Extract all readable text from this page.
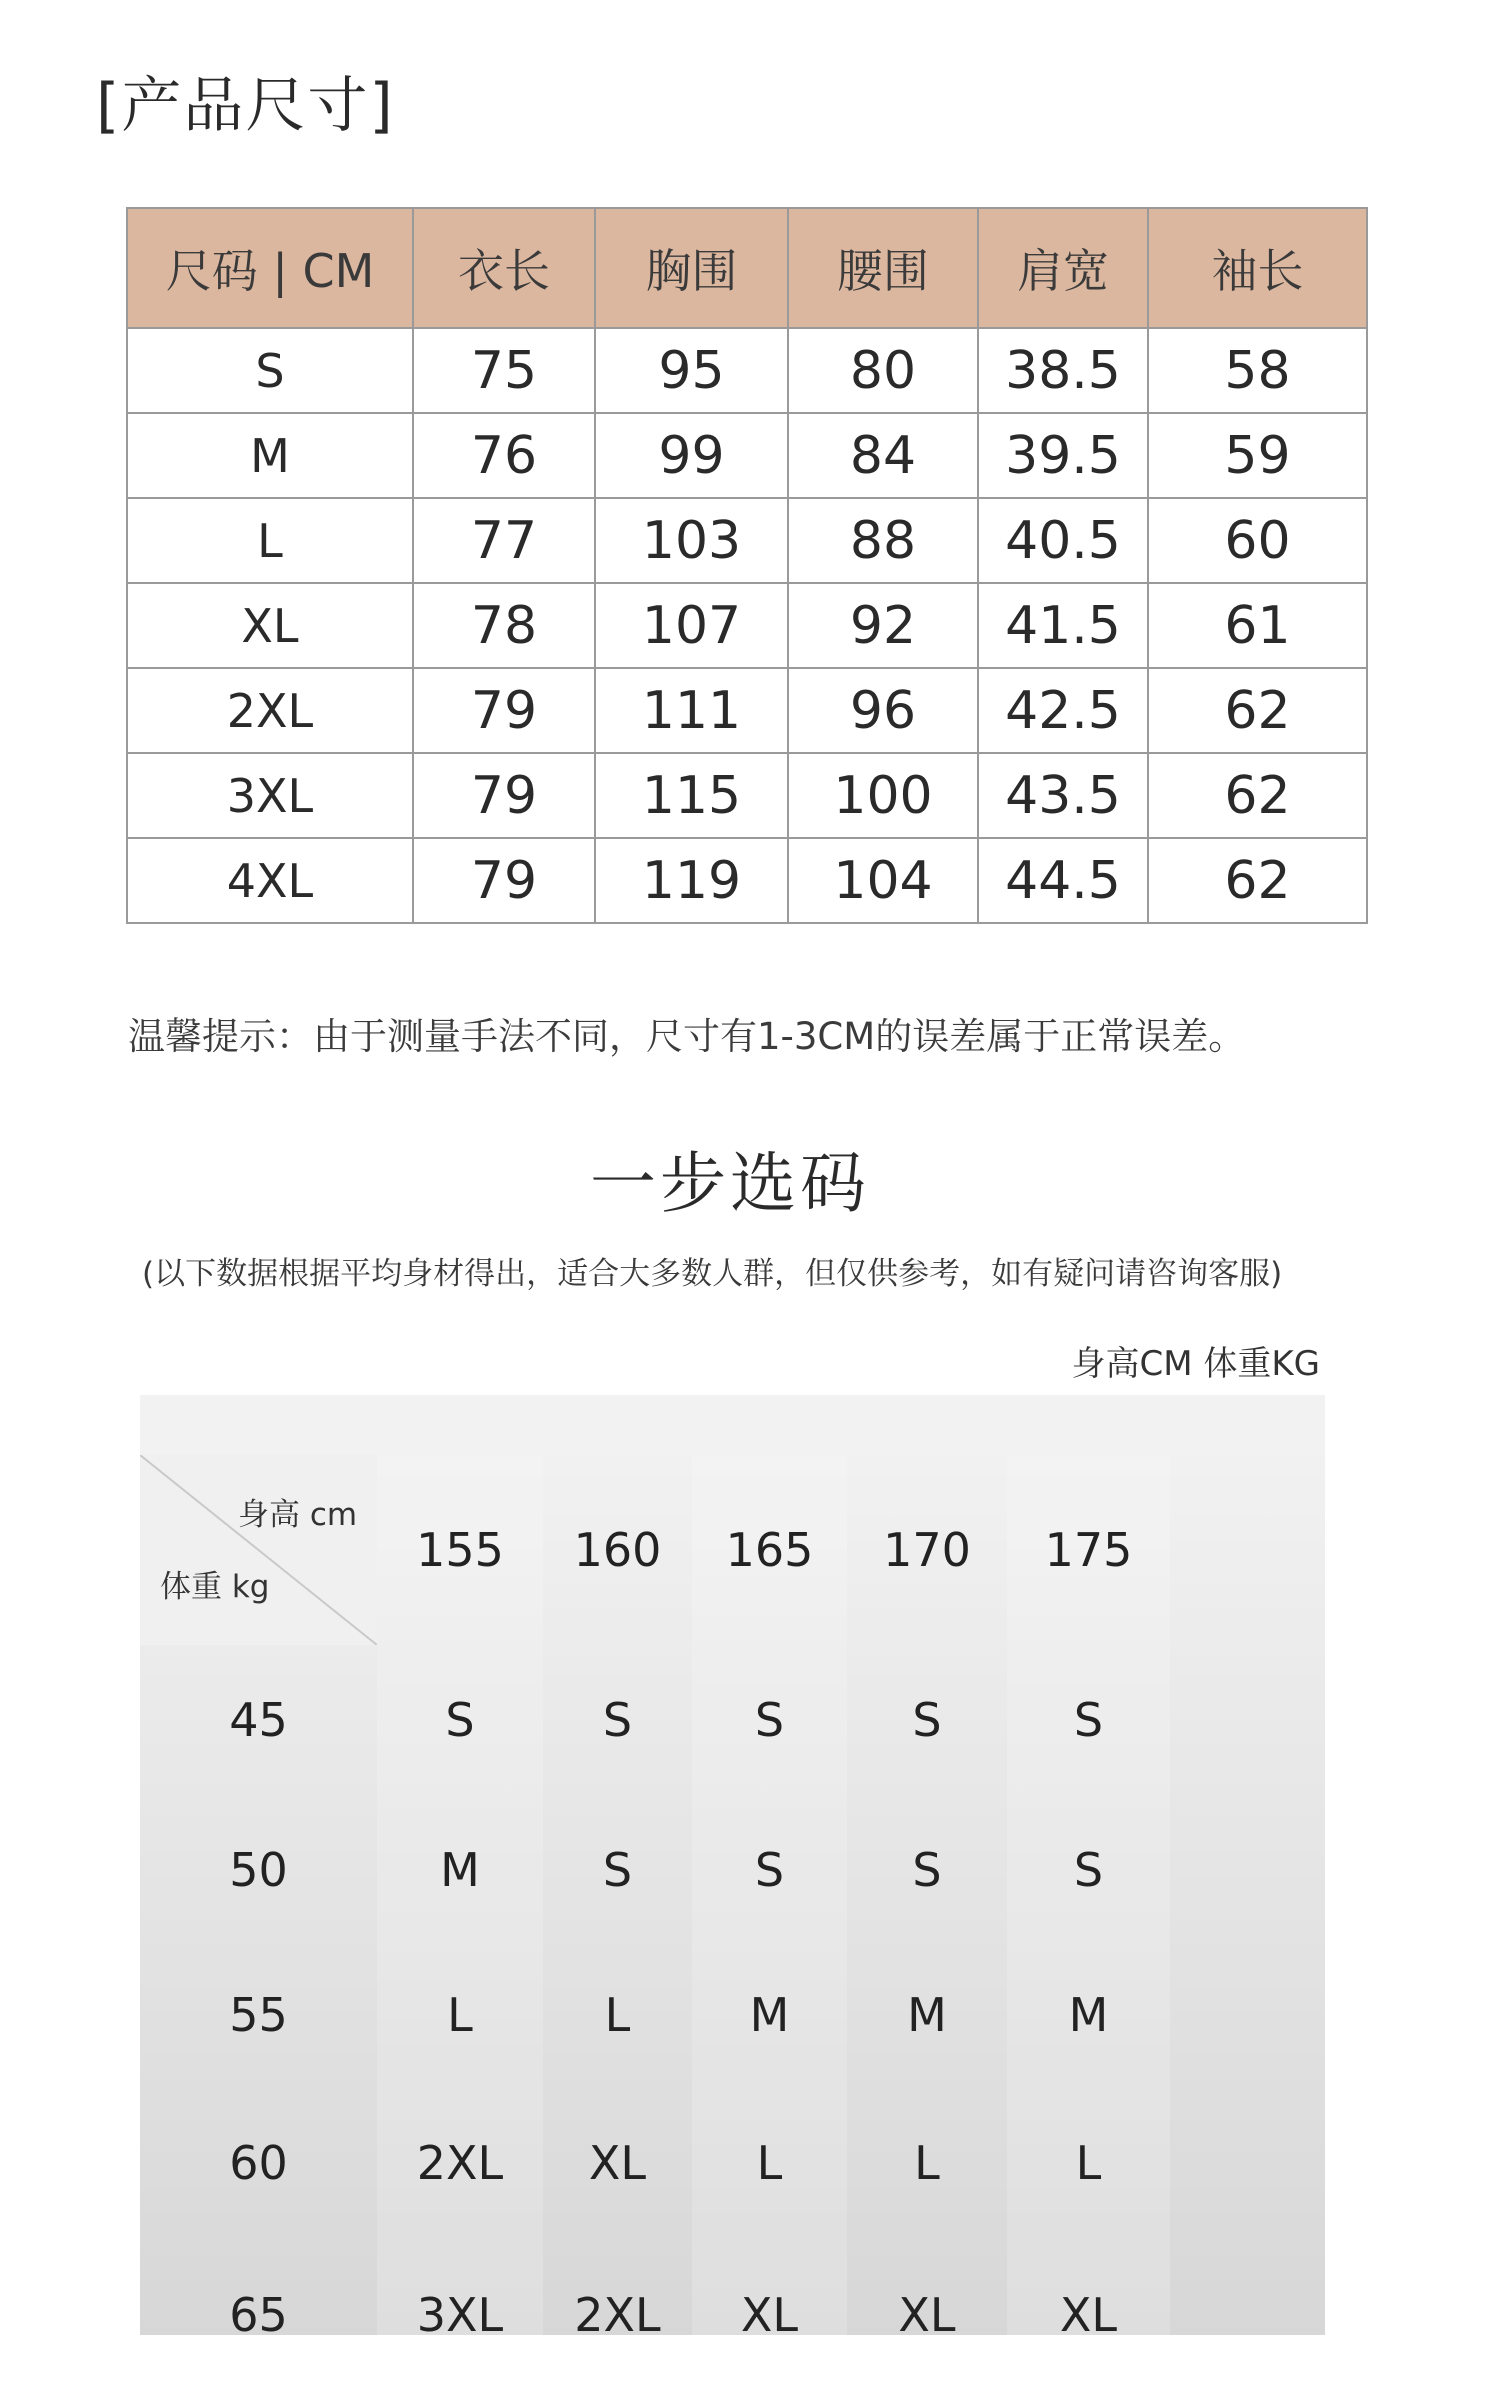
[产品尺寸]
尺码 | CM	衣长	胸围	腰围	肩宽	袖长
S	75	95	80	38.5	58
M	76	99	84	39.5	59
L	77	103	88	40.5	60
XL	78	107	92	41.5	61
2XL	79	111	96	42.5	62
3XL	79	115	100	43.5	62
4XL	79	119	104	44.5	62
温馨提示：由于测量手法不同，尺寸有1-3CM的误差属于正常误差。
一步选码
(以下数据根据平均身材得出，适合大多数人群，但仅供参考，如有疑问请咨询客服)
身高CM 体重KG
身高 cm
体重 kg
155	160	165	170	175
45	S	S	S	S	S
50	M	S	S	S	S
55	L	L	M	M	M
60	2XL	XL	L	L	L
65	3XL	2XL	XL	XL	XL
